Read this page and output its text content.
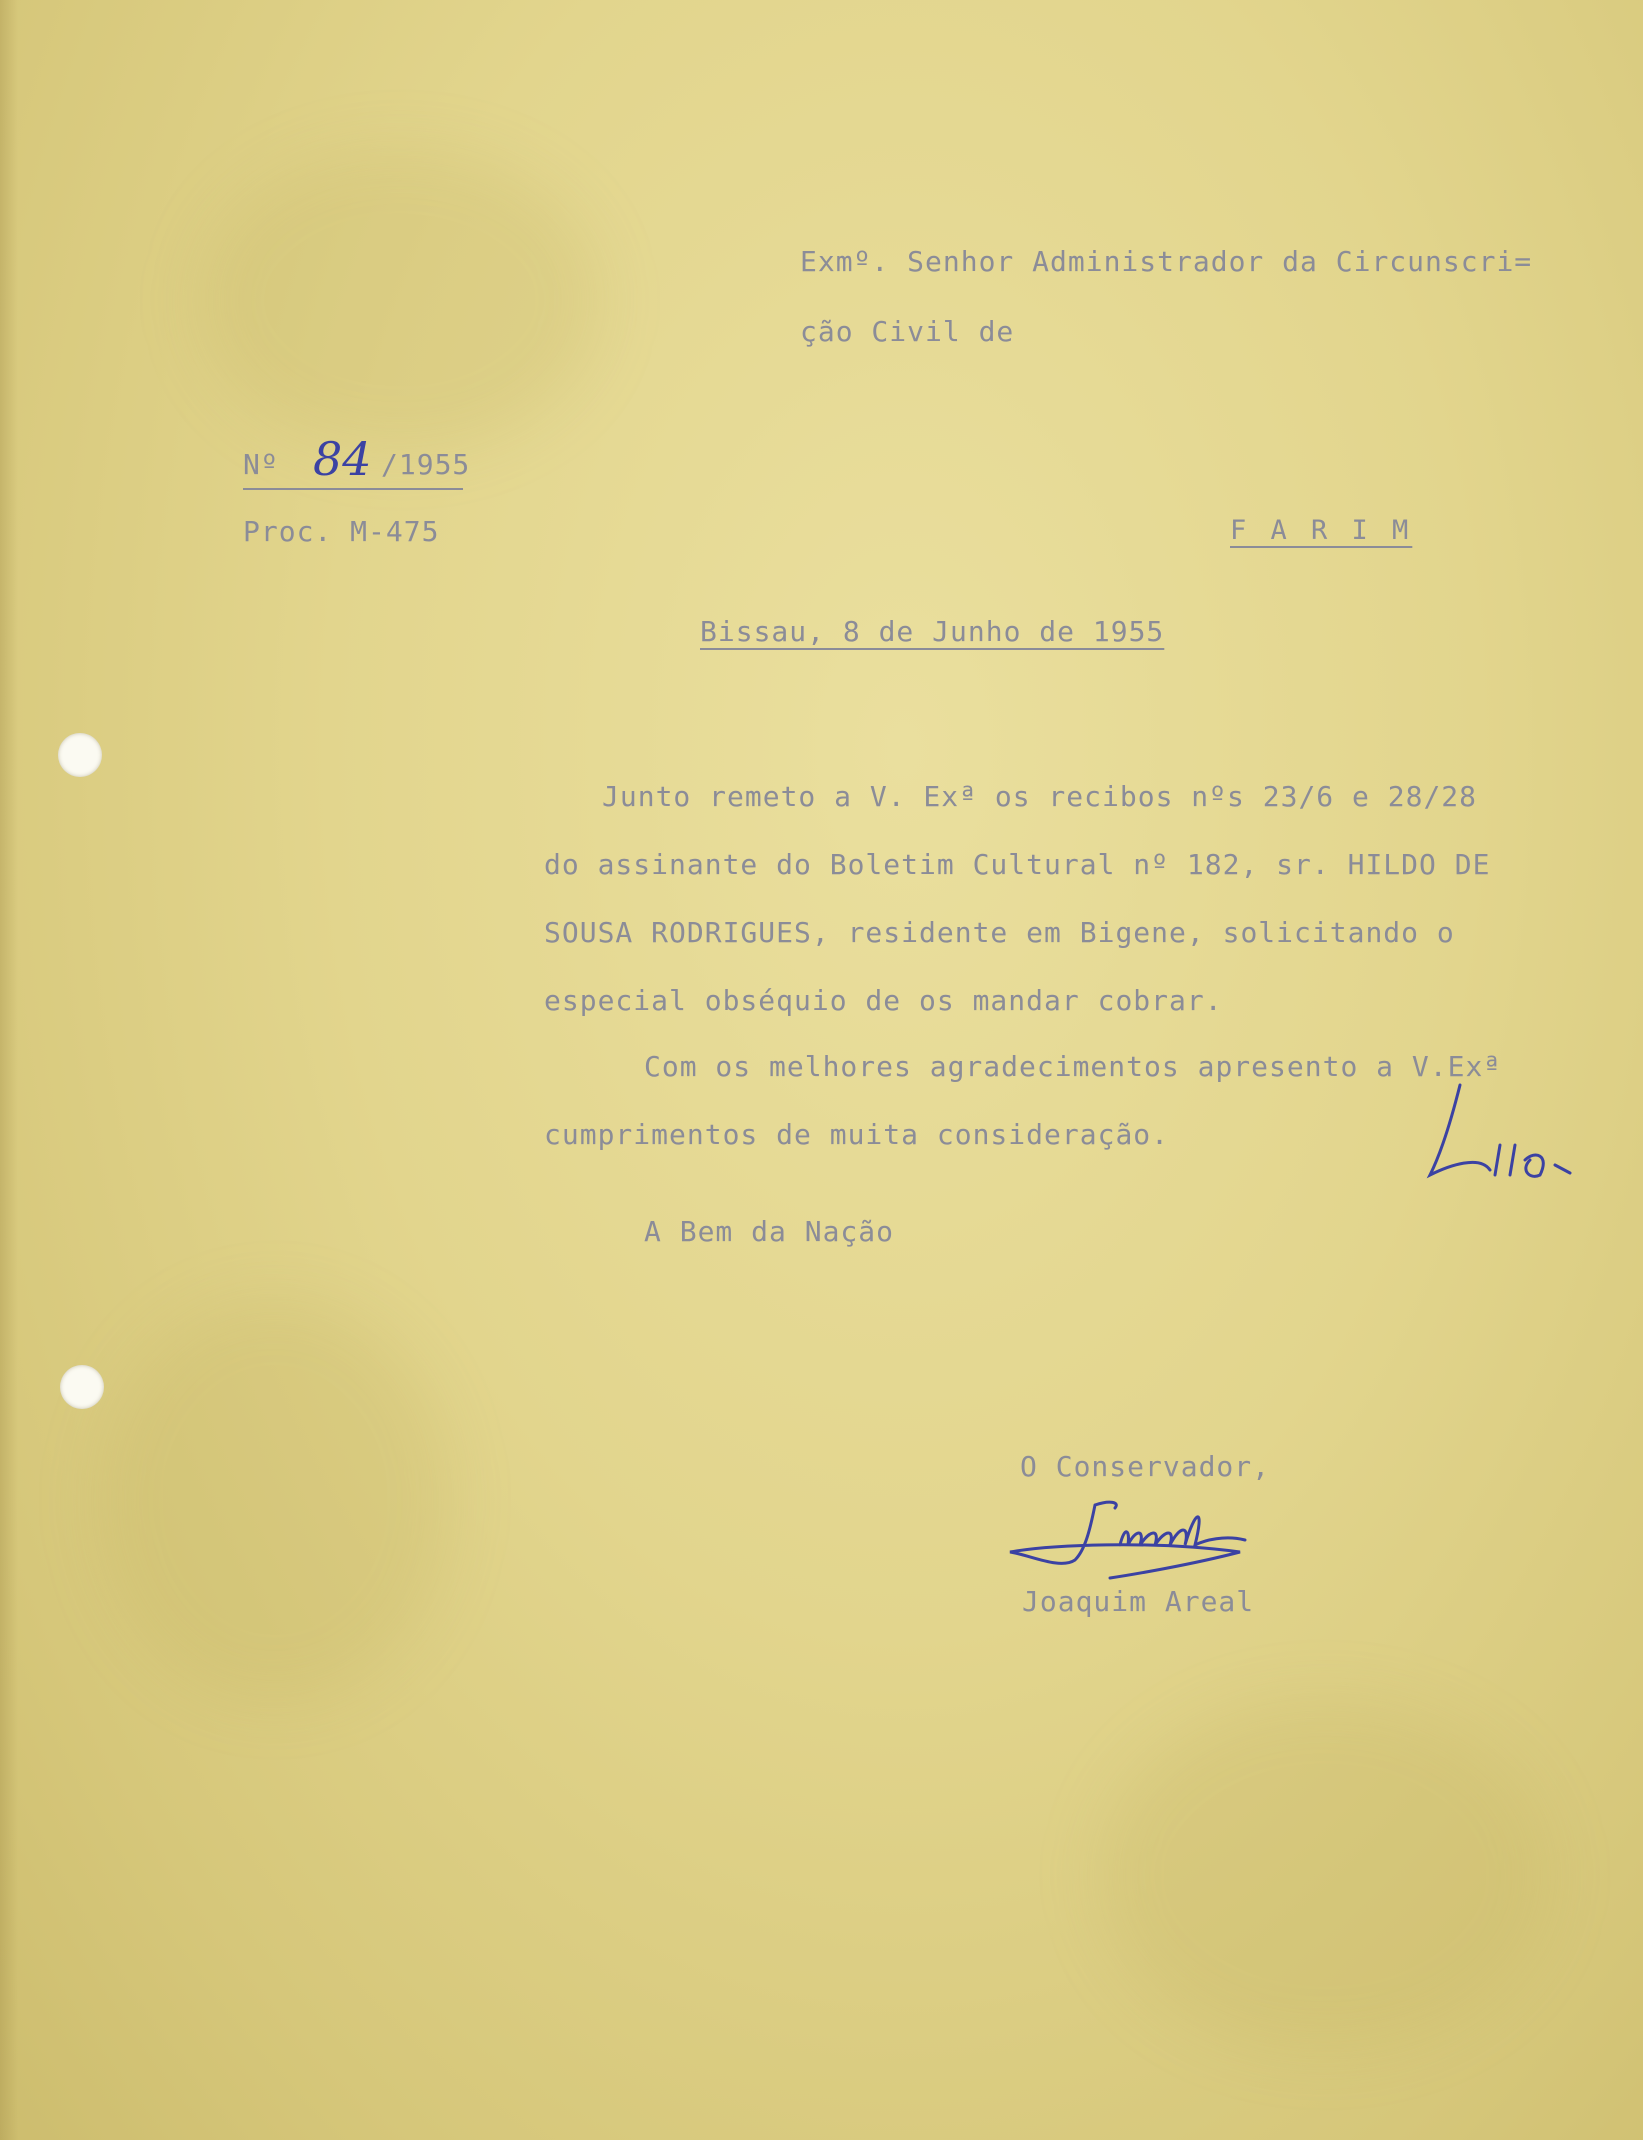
Exmº. Senhor Administrador da Circunscri=
ção Civil de
Nº 84 /1955
Proc. M-475	F A R I M
Bissau, 8 de Junho de 1955
Junto remeto a V. Exª os recibos nºs 23/6 e 28/28
do assinante do Boletim Cultural nº 182, sr. HILDO DE
SOUSA RODRIGUES, residente em Bigene, solicitando o
especial obséquio de os mandar cobrar.
Com os melhores agradecimentos apresento a V.Exª
cumprimentos de muita consideração.
A Bem da Nação
O Conservador,
Joaquim Areal
